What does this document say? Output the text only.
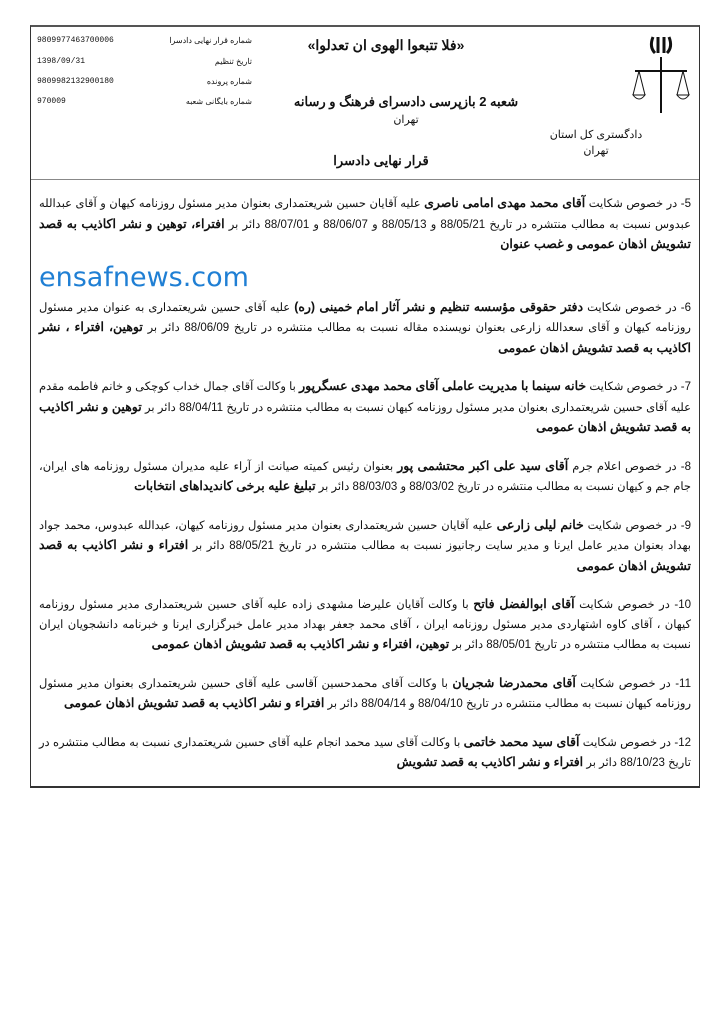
«فلا تتبعوا الهوی ان تعدلوا»
دادگستری کل استان
تهران
شعبه 2 بازپرسی دادسرای فرهنگ و رسانه
تهران
قرار نهایی دادسرا
شماره قرار نهایی دادسرا
9809977463700006
تاریخ تنظیم
1398/09/31
شماره پرونده
9809982132900180
شماره بایگانی شعبه
970009
5- در خصوص شکایت آقای محمد مهدی امامی ناصری علیه آقایان حسین شریعتمداری بعنوان مدیر مسئول روزنامه کیهان و آقای عبدالله عبدوس نسبت به مطالب منتشره در تاریخ 88/05/21 و 88/05/13 و 88/06/07 و 88/07/01 دائر بر افتراء، توهین و نشر اکاذیب به قصد تشویش اذهان عمومی و غصب عنوان
ensafnews.com
6- در خصوص شکایت دفتر حقوقی مؤسسه تنظیم و نشر آثار امام خمینی (ره) علیه آقای حسین شریعتمداری به عنوان مدیر مسئول روزنامه کیهان و آقای سعدالله زارعی بعنوان نویسنده مقاله نسبت به مطالب منتشره در تاریخ 88/06/09 دائر بر توهین، افتراء ، نشر اکاذیب به قصد تشویش اذهان عمومی
7- در خصوص شکایت خانه سینما با مدیریت عاملی آقای محمد مهدی عسگرپور با وکالت آقای جمال خداب کوچکی و خانم فاطمه مقدم علیه آقای حسین شریعتمداری بعنوان مدیر مسئول روزنامه کیهان نسبت به مطالب منتشره در تاریخ 88/04/11 دائر بر توهین و نشر اکاذیب به قصد تشویش اذهان عمومی
8- در خصوص اعلام جرم آقای سید علی اکبر محتشمی پور بعنوان رئیس کمیته صیانت از آراء علیه مدیران مسئول روزنامه های ایران، جام جم و کیهان نسبت به مطالب منتشره در تاریخ 88/03/02 و 88/03/03 دائر بر تبلیغ علیه برخی کاندیداهای انتخابات
9- در خصوص شکایت خانم لیلی زارعی علیه آقایان حسین شریعتمداری بعنوان مدیر مسئول روزنامه کیهان، عبدالله عبدوس، محمد جواد بهداد بعنوان مدیر عامل ایرنا و مدیر سایت رجانیوز نسبت به مطالب منتشره در تاریخ 88/05/21 دائر بر افتراء و نشر اکاذیب به قصد تشویش اذهان عمومی
10- در خصوص شکایت آقای ابوالفضل فاتح با وکالت آقایان علیرضا مشهدی زاده علیه آقای حسین شریعتمداری مدیر مسئول روزنامه کیهان ، آقای کاوه اشتهاردی مدیر مسئول روزنامه ایران ، آقای محمد جعفر بهداد مدیر عامل خبرگزاری ایرنا و خبرنامه دانشجویان ایران نسبت به مطالب منتشره در تاریخ 88/05/01 دائر بر توهین، افتراء و نشر اکاذیب به قصد تشویش اذهان عمومی
11- در خصوص شکایت آقای محمدرضا شجریان با وکالت آقای محمدحسین آقاسی علیه آقای حسین شریعتمداری بعنوان مدیر مسئول روزنامه کیهان نسبت به مطالب منتشره در تاریخ 88/04/10 و 88/04/14 دائر بر افتراء و نشر اکاذیب به قصد تشویش اذهان عمومی
12- در خصوص شکایت آقای سید محمد خاتمی با وکالت آقای سید محمد انجام علیه آقای حسین شریعتمداری نسبت به مطالب منتشره در تاریخ 88/10/23 دائر بر افتراء و نشر اکاذیب به قصد تشویش
